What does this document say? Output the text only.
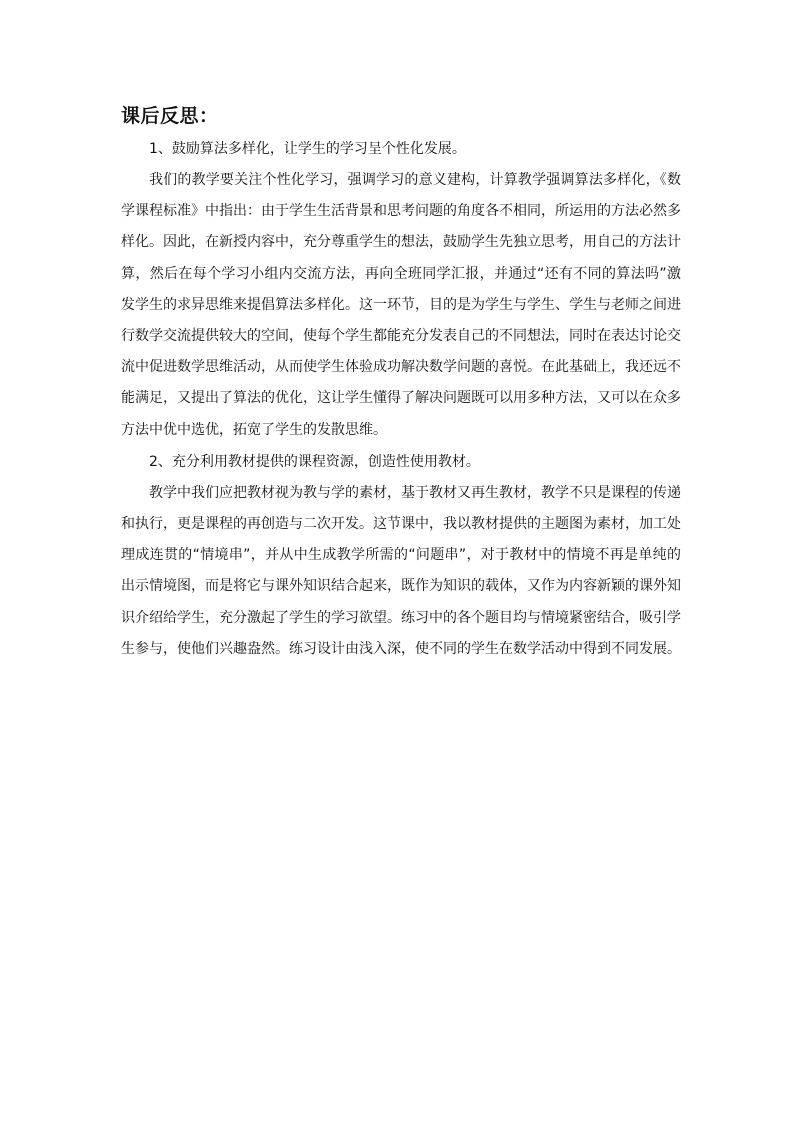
课后反思：

1、鼓励算法多样化，让学生的学习呈个性化发展。

我们的教学要关注个性化学习，强调学习的意义建构，计算教学强调算法多样化，《数学课程标准》中指出：由于学生生活背景和思考问题的角度各不相同，所运用的方法必然多样化。因此，在新授内容中，充分尊重学生的想法，鼓励学生先独立思考，用自己的方法计算，然后在每个学习小组内交流方法，再向全班同学汇报，并通过“还有不同的算法吗”激发学生的求异思维来提倡算法多样化。这一环节，目的是为学生与学生、学生与老师之间进行数学交流提供较大的空间，使每个学生都能充分发表自己的不同想法，同时在表达讨论交流中促进数学思维活动，从而使学生体验成功解决数学问题的喜悦。在此基础上，我还远不能满足，又提出了算法的优化，这让学生懂得了解决问题既可以用多种方法，又可以在众多方法中优中选优，拓宽了学生的发散思维。

2、充分利用教材提供的课程资源，创造性使用教材。

教学中我们应把教材视为教与学的素材，基于教材又再生教材，教学不只是课程的传递和执行，更是课程的再创造与二次开发。这节课中，我以教材提供的主题图为素材，加工处理成连贯的“情境串”，并从中生成教学所需的“问题串”，对于教材中的情境不再是单纯的出示情境图，而是将它与课外知识结合起来，既作为知识的载体，又作为内容新颖的课外知识介绍给学生，充分激起了学生的学习欲望。练习中的各个题目均与情境紧密结合，吸引学生参与，使他们兴趣盎然。练习设计由浅入深，使不同的学生在数学活动中得到不同发展。
